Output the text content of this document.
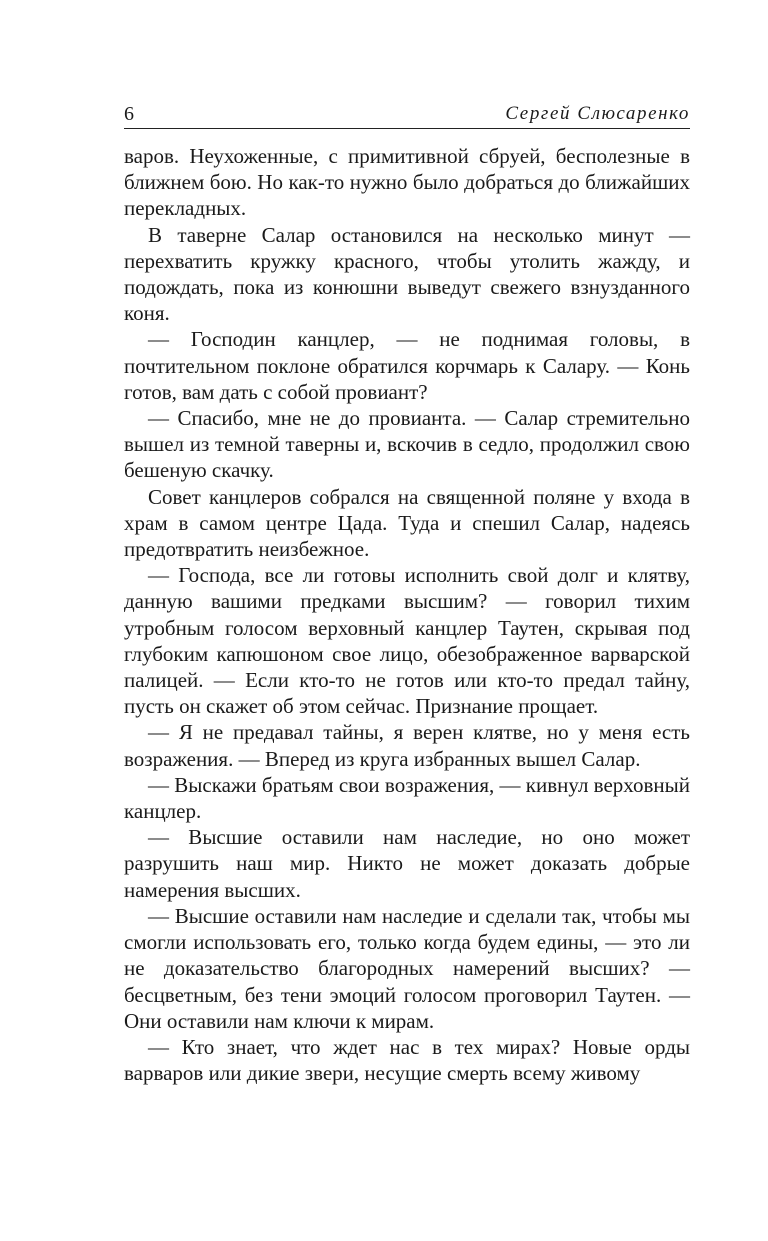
6	Сергей Слюсаренко

варов. Неухоженные, с примитивной сбруей, бесполезные в ближнем бою. Но как-то нужно было добраться до ближайших перекладных.

В таверне Салар остановился на несколько минут — перехватить кружку красного, чтобы утолить жажду, и подождать, пока из конюшни выведут свежего взнузданного коня.

— Господин канцлер, — не поднимая головы, в почтительном поклоне обратился корчмарь к Салару. — Конь готов, вам дать с собой провиант?

— Спасибо, мне не до провианта. — Салар стремительно вышел из темной таверны и, вскочив в седло, продолжил свою бешеную скачку.

Совет канцлеров собрался на священной поляне у входа в храм в самом центре Цада. Туда и спешил Салар, надеясь предотвратить неизбежное.

— Господа, все ли готовы исполнить свой долг и клятву, данную вашими предками высшим? — говорил тихим утробным голосом верховный канцлер Таутен, скрывая под глубоким капюшоном свое лицо, обезображенное варварской палицей. — Если кто-то не готов или кто-то предал тайну, пусть он скажет об этом сейчас. Признание прощает.

— Я не предавал тайны, я верен клятве, но у меня есть возражения. — Вперед из круга избранных вышел Салар.

— Выскажи братьям свои возражения, — кивнул верховный канцлер.

— Высшие оставили нам наследие, но оно может разрушить наш мир. Никто не может доказать добрые намерения высших.

— Высшие оставили нам наследие и сделали так, чтобы мы смогли использовать его, только когда будем едины, — это ли не доказательство благородных намерений высших? — бесцветным, без тени эмоций голосом проговорил Таутен. — Они оставили нам ключи к мирам.

— Кто знает, что ждет нас в тех мирах? Новые орды варваров или дикие звери, несущие смерть всему живому
